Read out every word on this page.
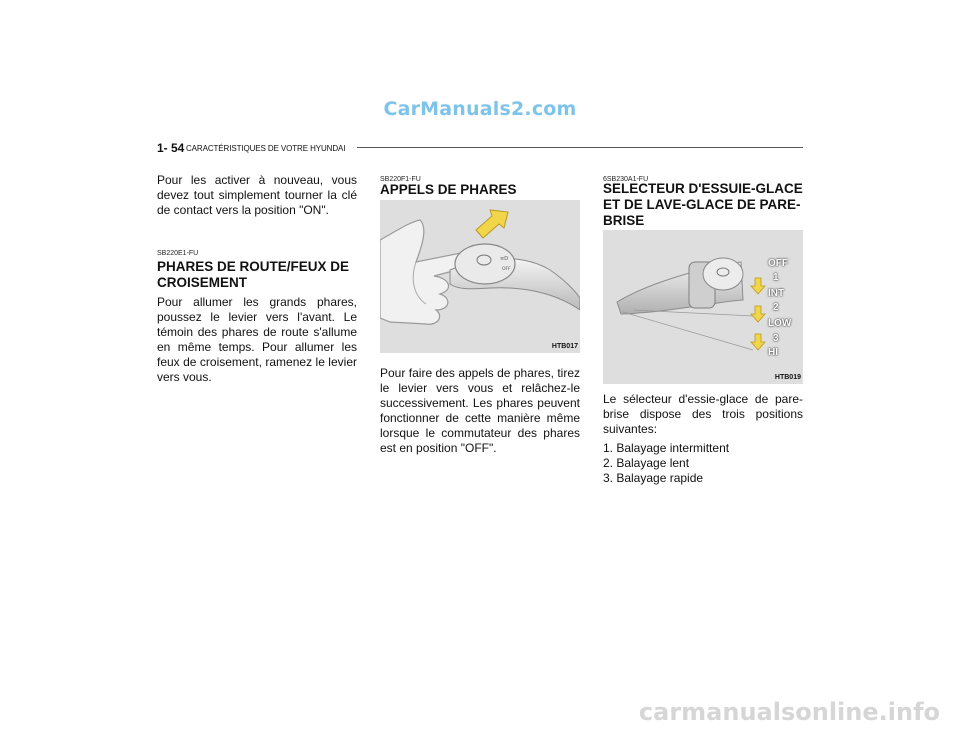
CarManuals2.com
1- 54 CARACTÉRISTIQUES DE VOTRE HYUNDAI
Pour les activer à nouveau, vous devez tout simplement tourner la clé de contact vers la position "ON".
SB220E1-FU
PHARES DE ROUTE/FEUX DE CROISEMENT
Pour allumer les grands phares, poussez le levier vers l'avant. Le témoin des phares de route s'allume en même temps. Pour allumer les feux de croisement, ramenez le levier vers vous.
SB220F1-FU
APPELS DE PHARES
≡D
OFF
HTB017
Pour faire des appels de phares, tirez le levier vers vous et relâchez-le successivement. Les phares peuvent fonctionner de cette manière même lorsque le commutateur des phares est en position "OFF".
6SB230A1-FU
SELECTEUR D'ESSUIE-GLACE ET DE LAVE-GLACE DE PARE-BRISE
OFF
1
INT
2
LOW
3
HI
HTB019
Le sélecteur d'essie-glace de pare-brise dispose des trois positions suivantes:
1. Balayage intermittent
2. Balayage lent
3. Balayage rapide
carmanualsonline.info
